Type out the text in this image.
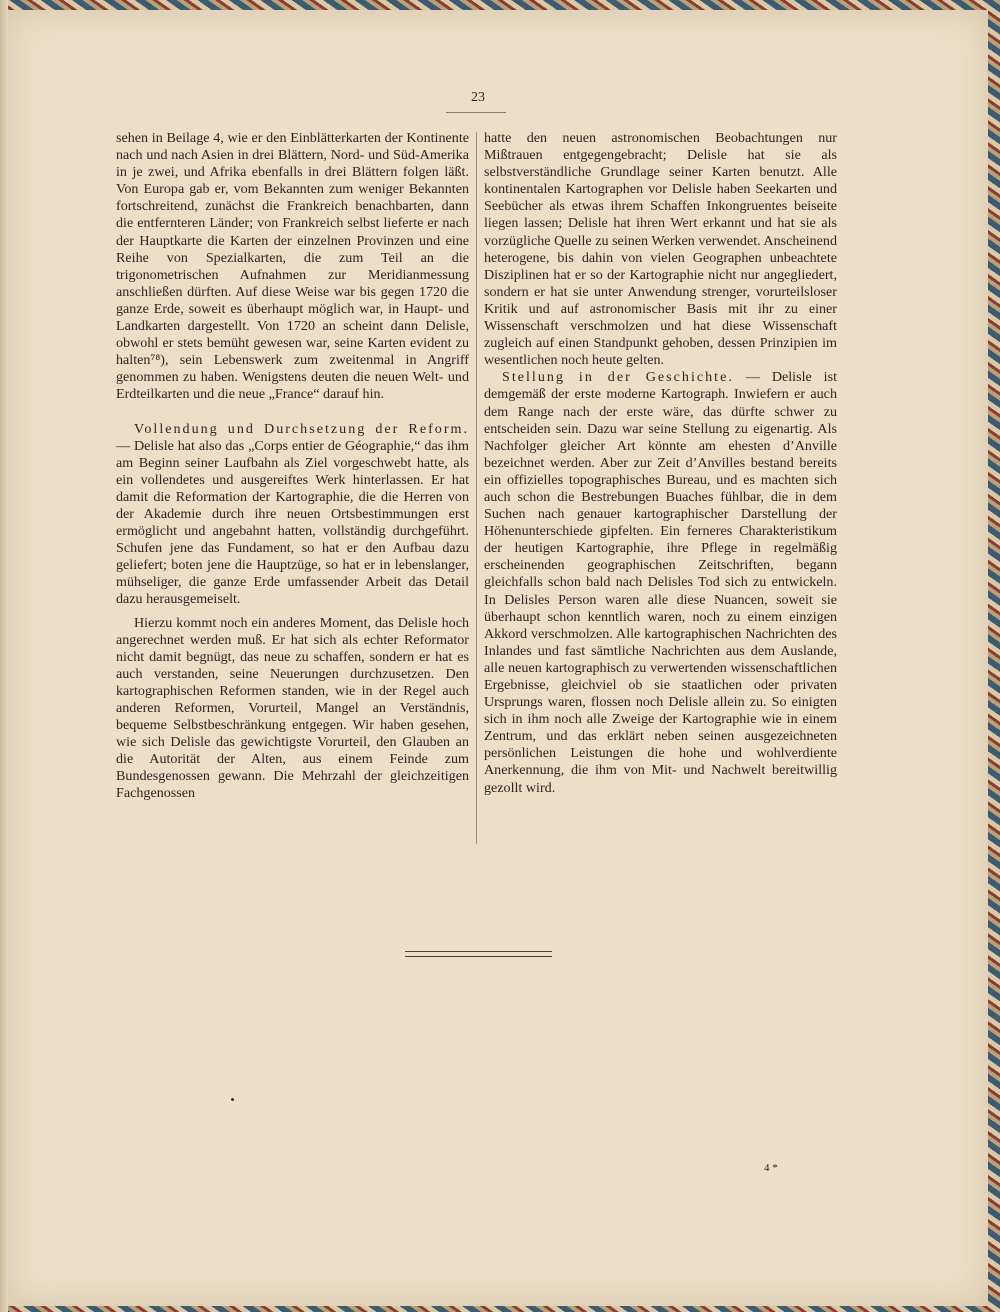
23

sehen in Beilage 4, wie er den Einblätterkarten der Kontinente nach und nach Asien in drei Blättern, Nord- und Süd-Amerika in je zwei, und Afrika ebenfalls in drei Blättern folgen läßt. Von Europa gab er, vom Bekannten zum weniger Bekannten fortschreitend, zunächst die Frankreich benachbarten, dann die entfernteren Länder; von Frankreich selbst lieferte er nach der Hauptkarte die Karten der einzelnen Provinzen und eine Reihe von Spezialkarten, die zum Teil an die trigonometrischen Aufnahmen zur Meridianmessung anschließen dürften. Auf diese Weise war bis gegen 1720 die ganze Erde, soweit es überhaupt möglich war, in Haupt- und Landkarten dargestellt. Von 1720 an scheint dann Delisle, obwohl er stets bemüht gewesen war, seine Karten evident zu halten⁷⁸), sein Lebenswerk zum zweitenmal in Angriff genommen zu haben. Wenigstens deuten die neuen Welt- und Erdteilkarten und die neue „France“ darauf hin.

Vollendung und Durchsetzung der Reform. — Delisle hat also das „Corps entier de Géographie,“ das ihm am Beginn seiner Laufbahn als Ziel vorgeschwebt hatte, als ein vollendetes und ausgereiftes Werk hinterlassen. Er hat damit die Reformation der Kartographie, die die Herren von der Akademie durch ihre neuen Ortsbestimmungen erst ermöglicht und angebahnt hatten, vollständig durchgeführt. Schufen jene das Fundament, so hat er den Aufbau dazu geliefert; boten jene die Hauptzüge, so hat er in lebenslanger, mühseliger, die ganze Erde umfassender Arbeit das Detail dazu herausgemeiselt.

Hierzu kommt noch ein anderes Moment, das Delisle hoch angerechnet werden muß. Er hat sich als echter Reformator nicht damit begnügt, das neue zu schaffen, sondern er hat es auch verstanden, seine Neuerungen durchzusetzen. Den kartographischen Reformen standen, wie in der Regel auch anderen Reformen, Vorurteil, Mangel an Verständnis, bequeme Selbstbeschränkung entgegen. Wir haben gesehen, wie sich Delisle das gewichtigste Vorurteil, den Glauben an die Autorität der Alten, aus einem Feinde zum Bundesgenossen gewann. Die Mehrzahl der gleichzeitigen Fachgenossen

hatte den neuen astronomischen Beobachtungen nur Mißtrauen entgegengebracht; Delisle hat sie als selbstverständliche Grundlage seiner Karten benutzt. Alle kontinentalen Kartographen vor Delisle haben Seekarten und Seebücher als etwas ihrem Schaffen Inkongruentes beiseite liegen lassen; Delisle hat ihren Wert erkannt und hat sie als vorzügliche Quelle zu seinen Werken verwendet. Anscheinend heterogene, bis dahin von vielen Geographen unbeachtete Disziplinen hat er so der Kartographie nicht nur angegliedert, sondern er hat sie unter Anwendung strenger, vorurteilsloser Kritik und auf astronomischer Basis mit ihr zu einer Wissenschaft verschmolzen und hat diese Wissenschaft zugleich auf einen Standpunkt gehoben, dessen Prinzipien im wesentlichen noch heute gelten.

Stellung in der Geschichte. — Delisle ist demgemäß der erste moderne Kartograph. Inwiefern er auch dem Range nach der erste wäre, das dürfte schwer zu entscheiden sein. Dazu war seine Stellung zu eigenartig. Als Nachfolger gleicher Art könnte am ehesten d’Anville bezeichnet werden. Aber zur Zeit d’Anvilles bestand bereits ein offizielles topographisches Bureau, und es machten sich auch schon die Bestrebungen Buaches fühlbar, die in dem Suchen nach genauer kartographischer Darstellung der Höhenunterschiede gipfelten. Ein ferneres Charakteristikum der heutigen Kartographie, ihre Pflege in regelmäßig erscheinenden geographischen Zeitschriften, begann gleichfalls schon bald nach Delisles Tod sich zu entwickeln. In Delisles Person waren alle diese Nuancen, soweit sie überhaupt schon kenntlich waren, noch zu einem einzigen Akkord verschmolzen. Alle kartographischen Nachrichten des Inlandes und fast sämtliche Nachrichten aus dem Auslande, alle neuen kartographisch zu verwertenden wissenschaftlichen Ergebnisse, gleichviel ob sie staatlichen oder privaten Ursprungs waren, flossen noch Delisle allein zu. So einigten sich in ihm noch alle Zweige der Kartographie wie in einem Zentrum, und das erklärt neben seinen ausgezeichneten persönlichen Leistungen die hohe und wohlverdiente Anerkennung, die ihm von Mit- und Nachwelt bereitwillig gezollt wird.

4 *
